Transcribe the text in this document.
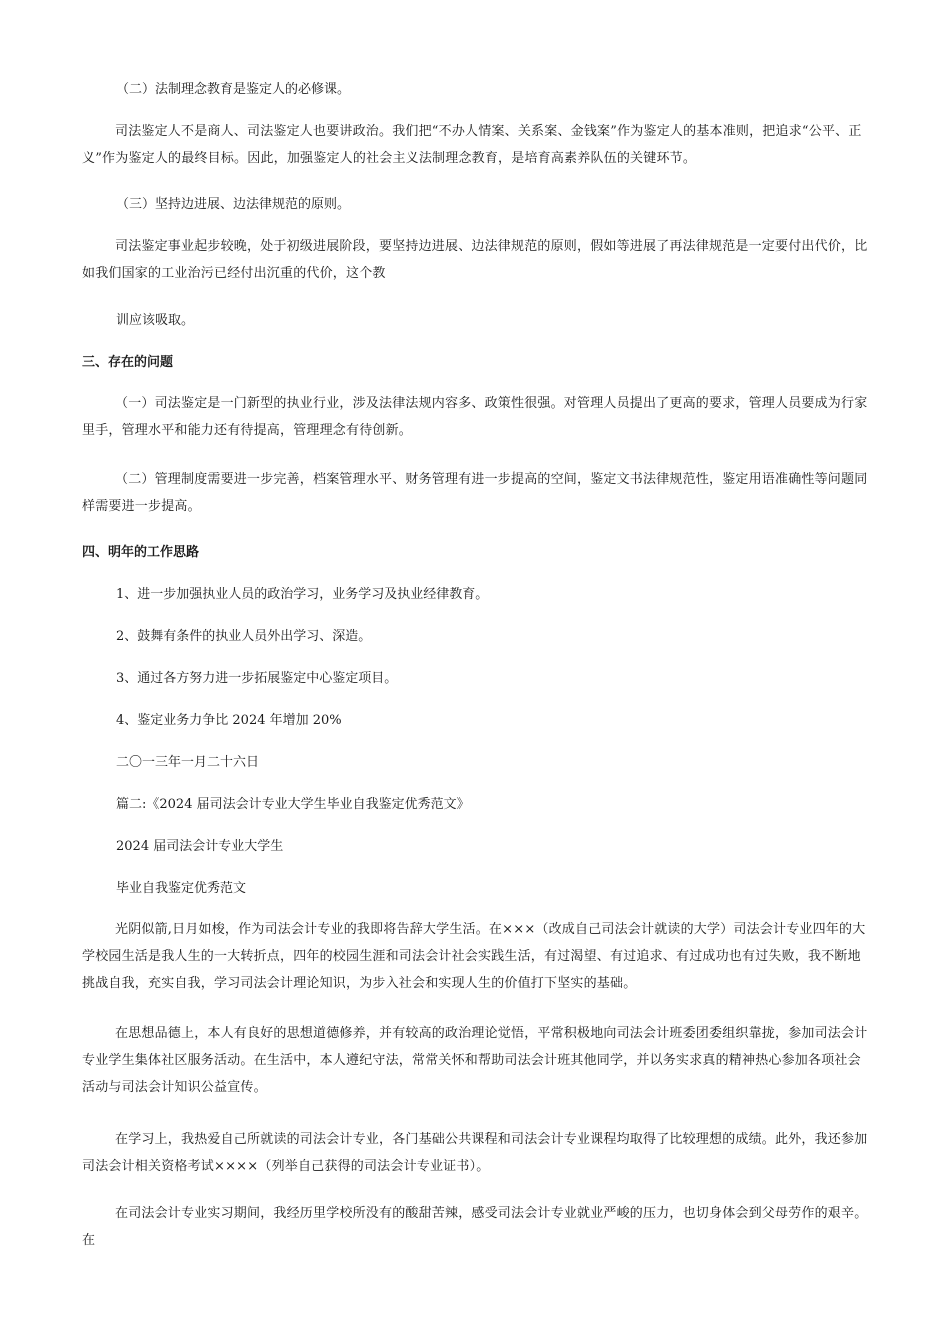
（二）法制理念教育是鉴定人的必修课。
司法鉴定人不是商人、司法鉴定人也要讲政治。我们把“不办人情案、关系案、金钱案”作为鉴定人的基本准则，把追求“公平、正义”作为鉴定人的最终目标。因此，加强鉴定人的社会主义法制理念教育，是培育高素养队伍的关键环节。
（三）坚持边进展、边法律规范的原则。
司法鉴定事业起步较晚，处于初级进展阶段，要坚持边进展、边法律规范的原则，假如等进展了再法律规范是一定要付出代价，比如我们国家的工业治污已经付出沉重的代价，这个教
训应该吸取。
三、存在的问题
（一）司法鉴定是一门新型的执业行业，涉及法律法规内容多、政策性很强。对管理人员提出了更高的要求，管理人员要成为行家里手，管理水平和能力还有待提高，管理理念有待创新。
（二）管理制度需要进一步完善，档案管理水平、财务管理有进一步提高的空间，鉴定文书法律规范性，鉴定用语准确性等问题同样需要进一步提高。
四、明年的工作思路
1、进一步加强执业人员的政治学习，业务学习及执业经律教育。
2、鼓舞有条件的执业人员外出学习、深造。
3、通过各方努力进一步拓展鉴定中心鉴定项目。
4、鉴定业务力争比 2024 年增加 20%
二〇一三年一月二十六日
篇二:《2024 届司法会计专业大学生毕业自我鉴定优秀范文》
2024 届司法会计专业大学生
毕业自我鉴定优秀范文
光阴似箭,日月如梭，作为司法会计专业的我即将告辞大学生活。在×××（改成自己司法会计就读的大学）司法会计专业四年的大学校园生活是我人生的一大转折点，四年的校园生涯和司法会计社会实践生活，有过渴望、有过追求、有过成功也有过失败，我不断地挑战自我，充实自我，学习司法会计理论知识，为步入社会和实现人生的价值打下坚实的基础。
在思想品德上，本人有良好的思想道德修养，并有较高的政治理论觉悟，平常积极地向司法会计班委团委组织靠拢，参加司法会计专业学生集体社区服务活动。在生活中，本人遵纪守法，常常关怀和帮助司法会计班其他同学，并以务实求真的精神热心参加各项社会活动与司法会计知识公益宣传。
在学习上，我热爱自己所就读的司法会计专业，各门基础公共课程和司法会计专业课程均取得了比较理想的成绩。此外，我还参加司法会计相关资格考试××××（列举自己获得的司法会计专业证书）。
在司法会计专业实习期间，我经历里学校所没有的酸甜苦辣，感受司法会计专业就业严峻的压力，也切身体会到父母劳作的艰辛。在
